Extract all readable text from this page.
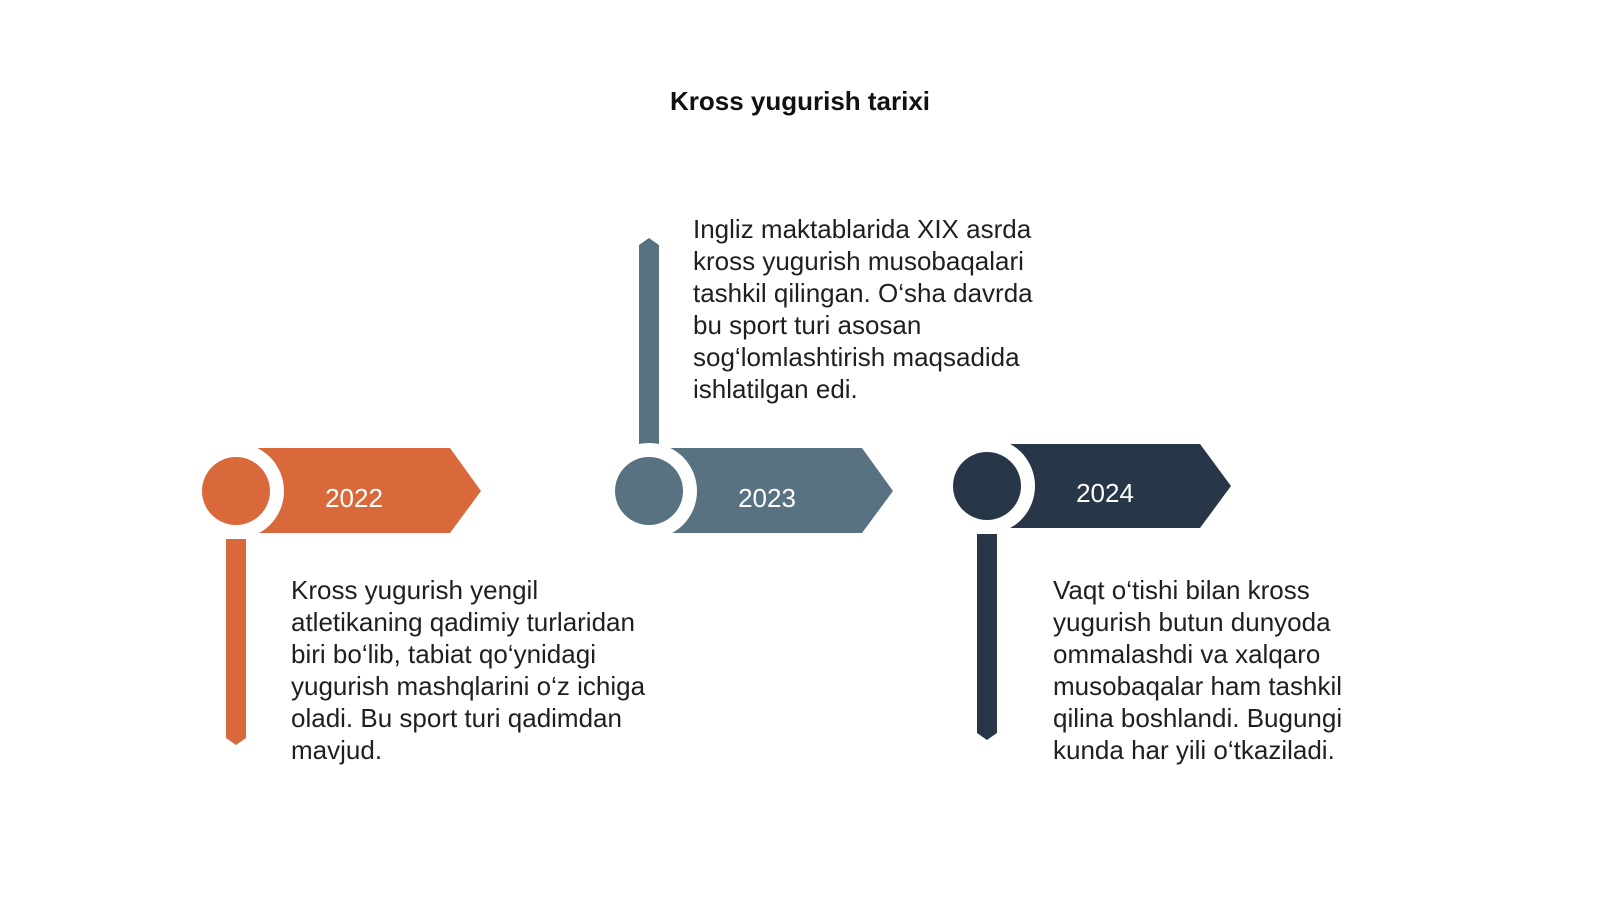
Kross yugurish tarixi
2022	2023	2024
Kross yugurish yengil atletikaning qadimiy turlaridan biri bo‘lib, tabiat qo‘ynidagi yugurish mashqlarini o‘z ichiga oladi. Bu sport turi qadimdan mavjud.
Ingliz maktablarida XIX asrda kross yugurish musobaqalari tashkil qilingan. O‘sha davrda bu sport turi asosan sog‘lomlashtirish maqsadida ishlatilgan edi.
Vaqt o‘tishi bilan kross yugurish butun dunyoda ommalashdi va xalqaro musobaqalar ham tashkil qilina boshlandi. Bugungi kunda har yili o‘tkaziladi.
